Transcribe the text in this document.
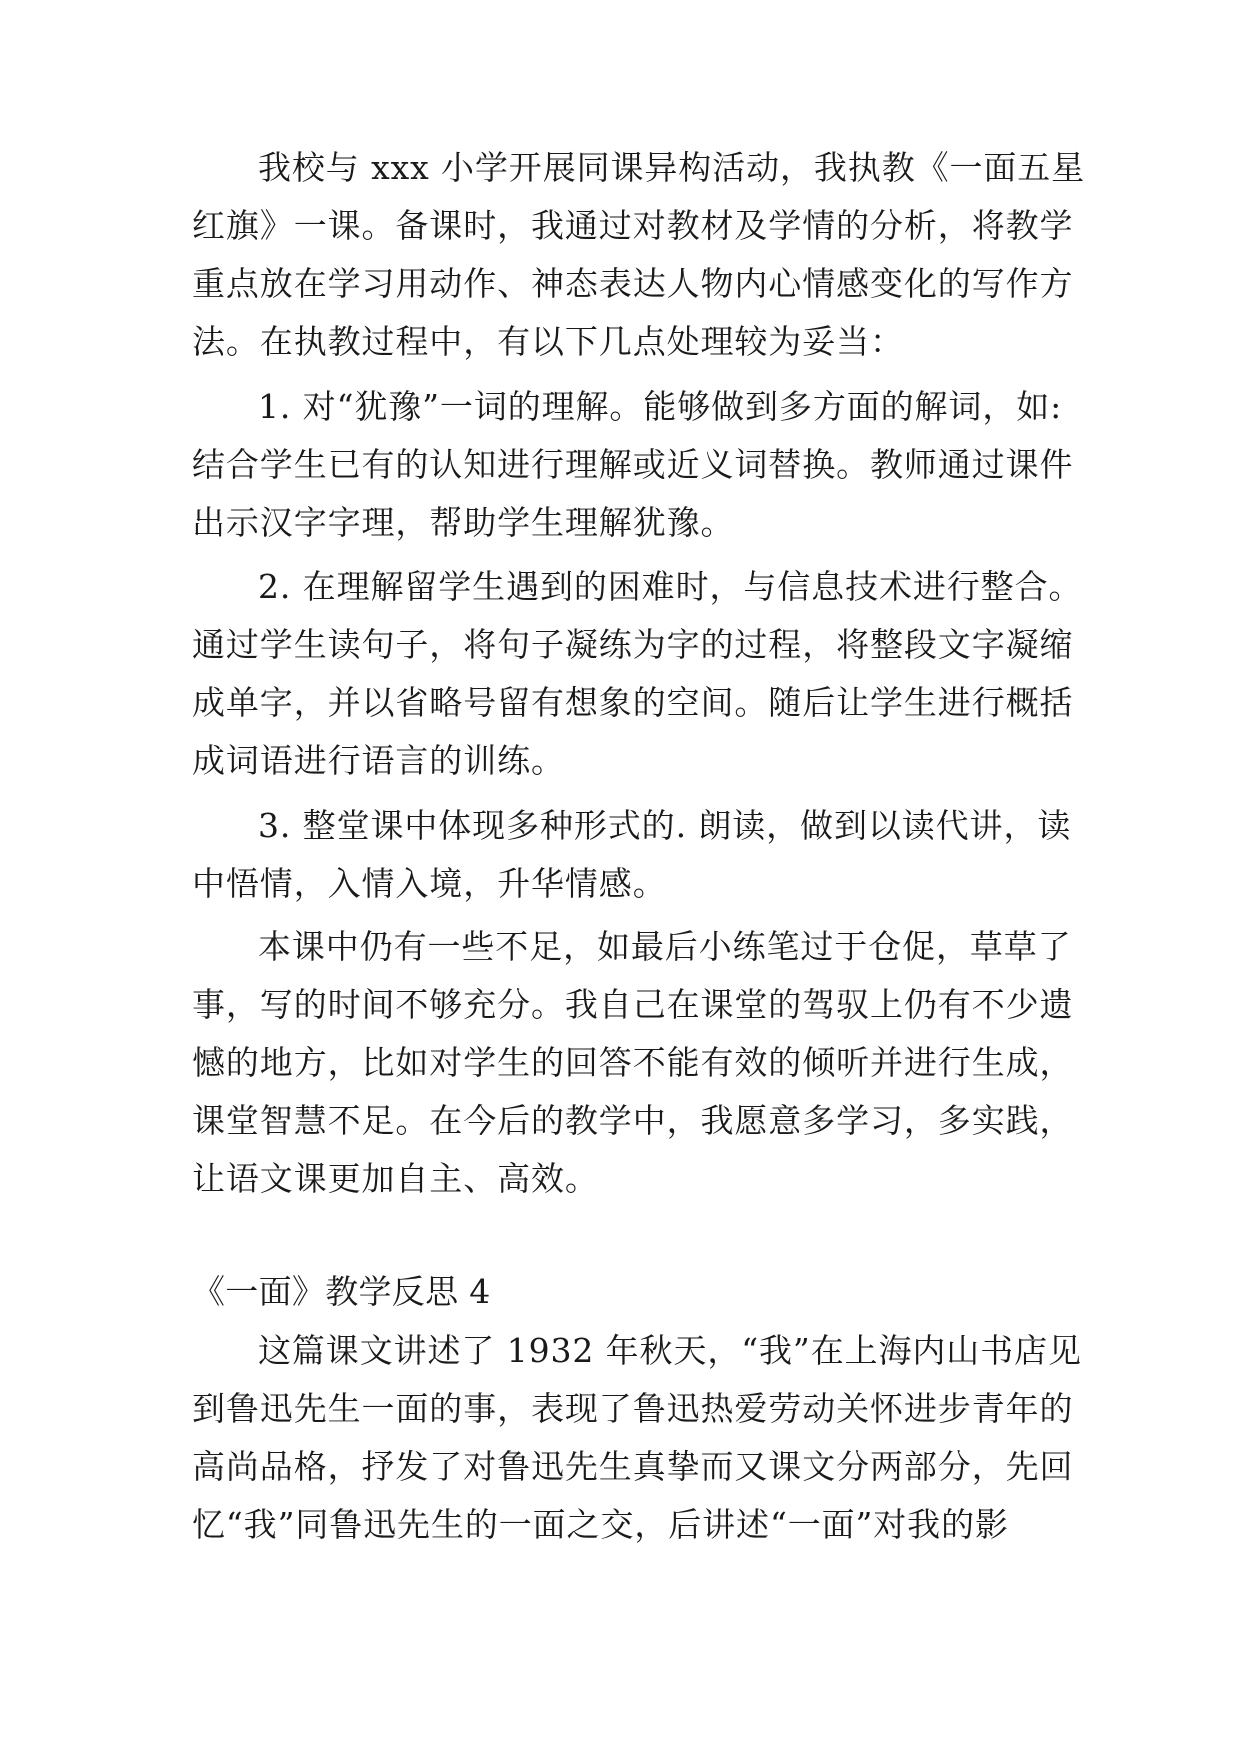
我校与 xxx 小学开展同课异构活动，我执教《一面五星
红旗》一课。备课时，我通过对教材及学情的分析，将教学
重点放在学习用动作、神态表达人物内心情感变化的写作方
法。在执教过程中，有以下几点处理较为妥当：
1. 对“犹豫”一词的理解。能够做到多方面的解词，如:
结合学生已有的认知进行理解或近义词替换。教师通过课件
出示汉字字理，帮助学生理解犹豫。
2. 在理解留学生遇到的困难时，与信息技术进行整合。
通过学生读句子，将句子凝练为字的过程，将整段文字凝缩
成单字，并以省略号留有想象的空间。随后让学生进行概括
成词语进行语言的训练。
3. 整堂课中体现多种形式的. 朗读，做到以读代讲，读
中悟情，入情入境，升华情感。
本课中仍有一些不足，如最后小练笔过于仓促，草草了
事，写的时间不够充分。我自己在课堂的驾驭上仍有不少遗
憾的地方，比如对学生的回答不能有效的倾听并进行生成，
课堂智慧不足。在今后的教学中，我愿意多学习，多实践，
让语文课更加自主、高效。
《一面》教学反思 4
这篇课文讲述了 1932 年秋天，“我”在上海内山书店见
到鲁迅先生一面的事，表现了鲁迅热爱劳动关怀进步青年的
高尚品格，抒发了对鲁迅先生真挚而又课文分两部分，先回
忆“我”同鲁迅先生的一面之交，后讲述“一面”对我的影
